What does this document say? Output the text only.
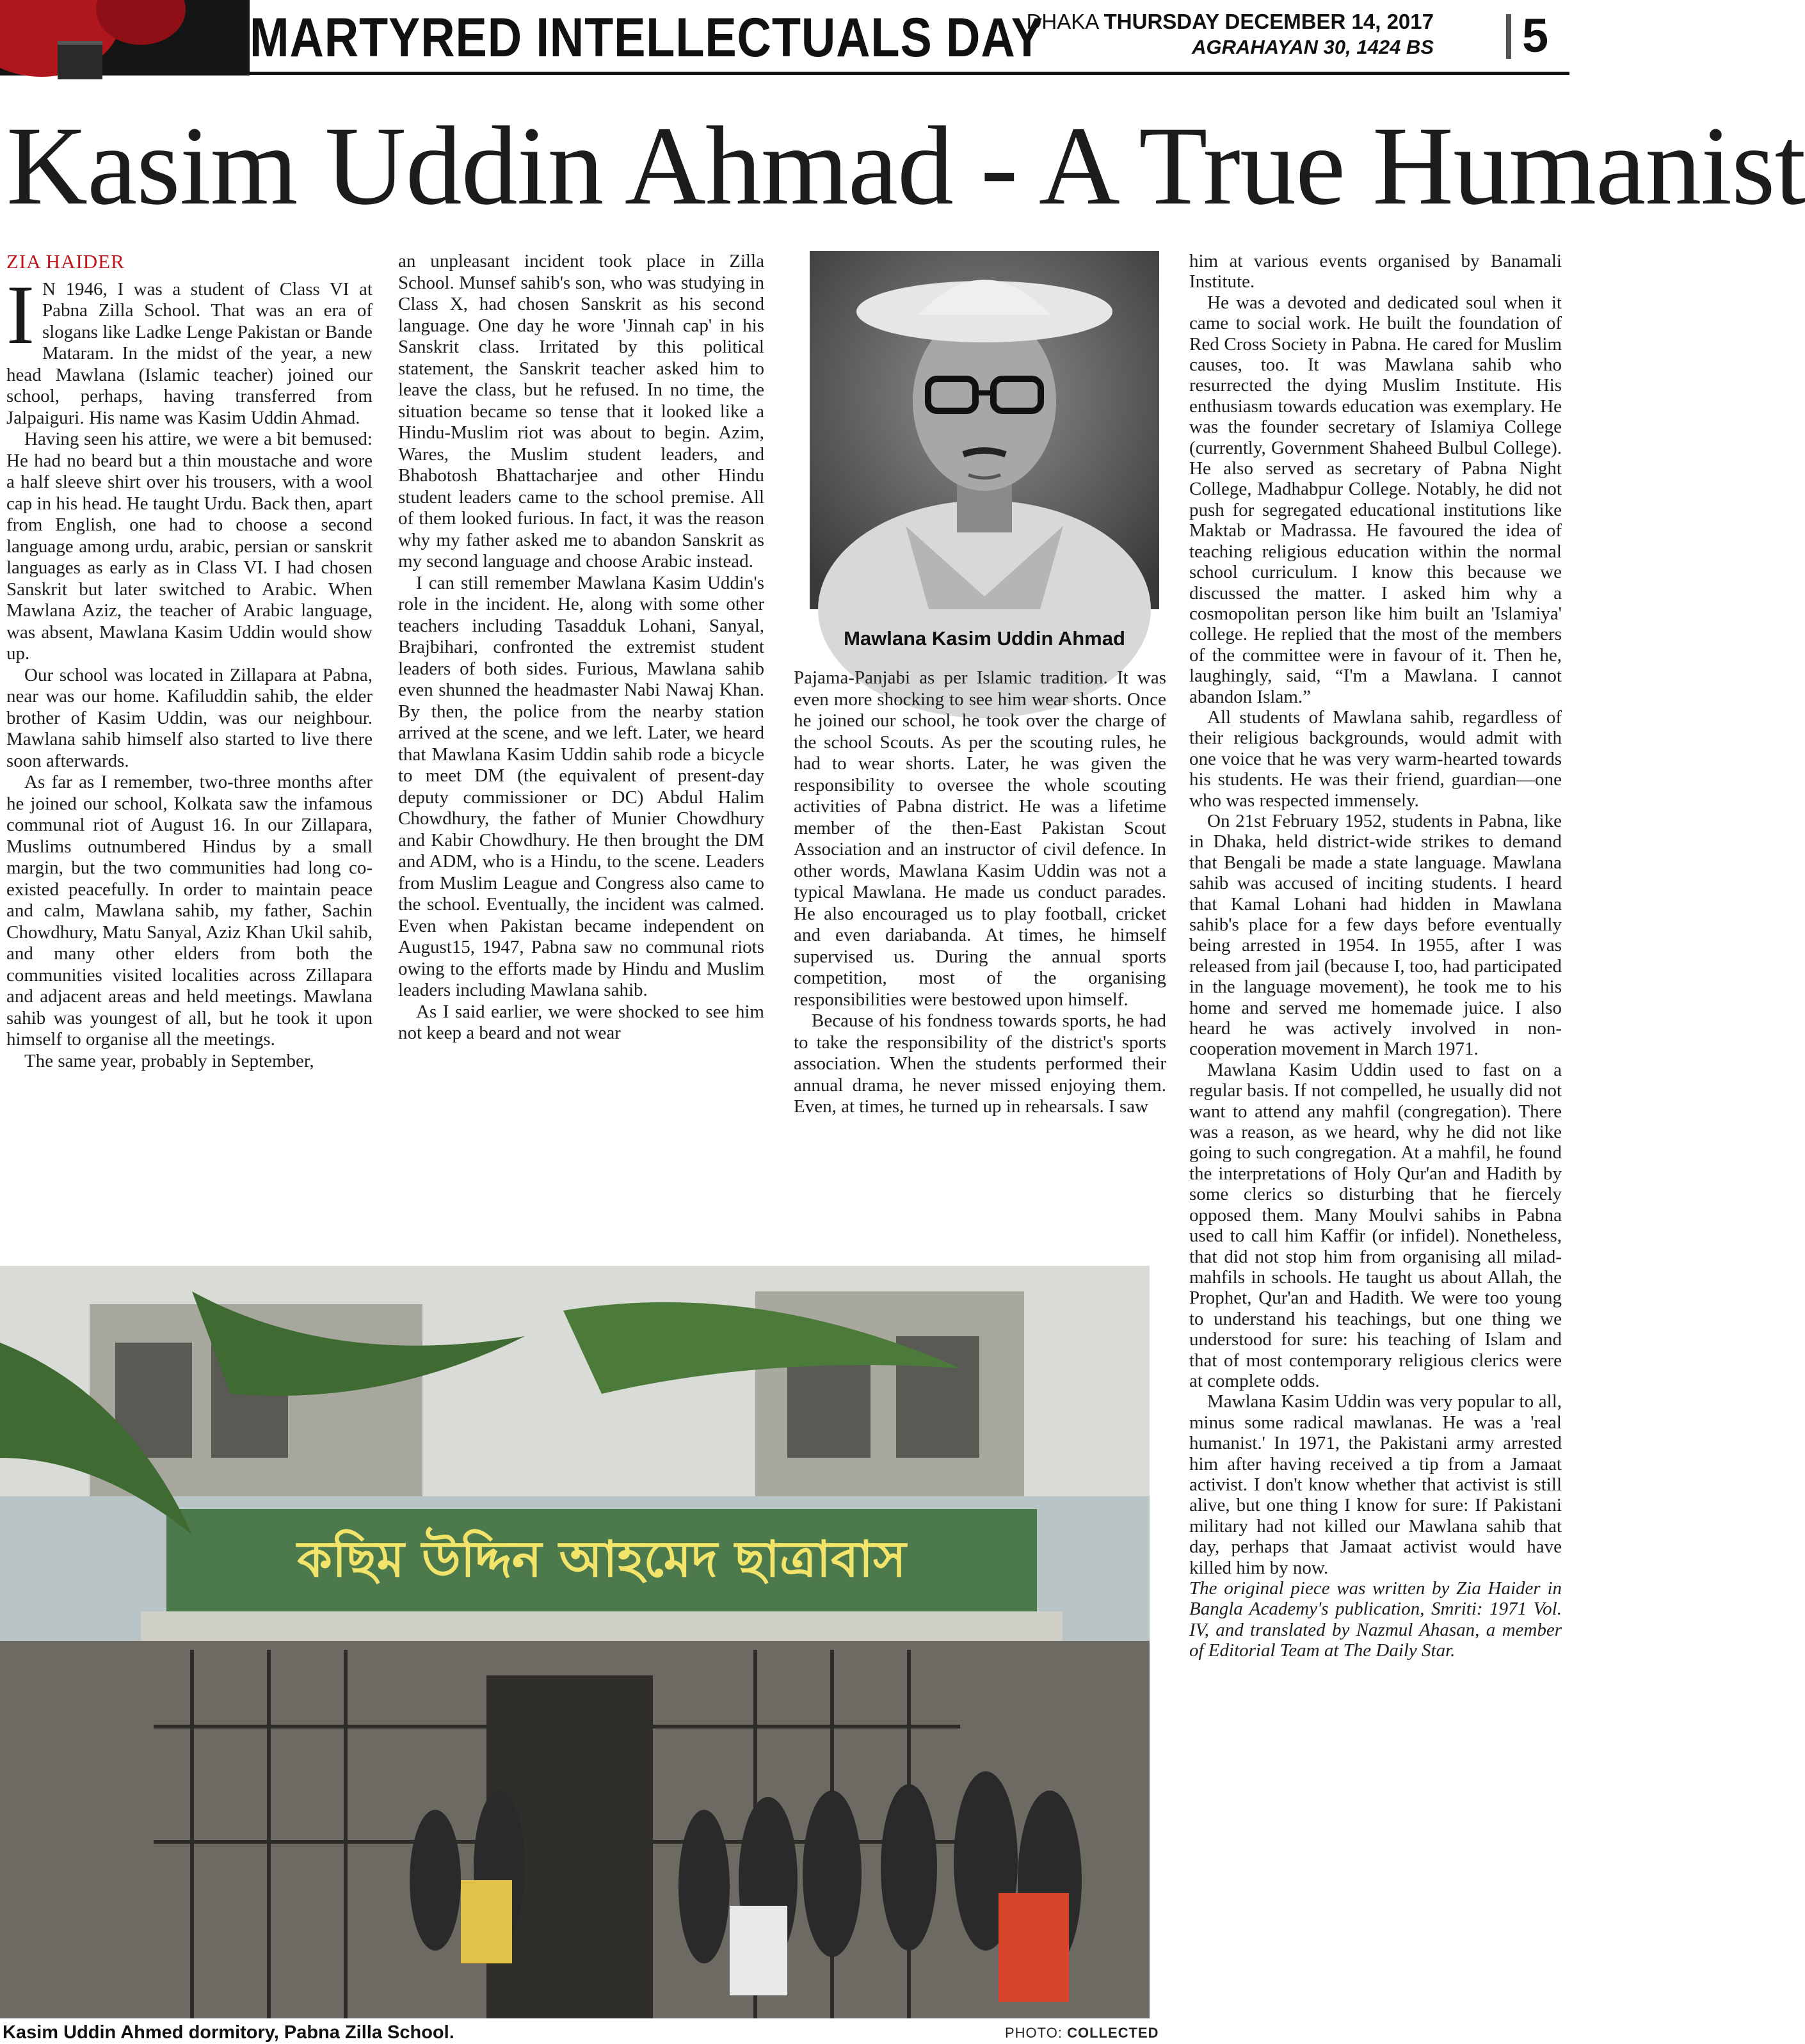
MARTYRED INTELLECTUALS DAY
DHAKA THURSDAY DECEMBER 14, 2017
AGRAHAYAN 30, 1424 BS 5
Kasim Uddin Ahmad - A True Humanist

ZIA HAIDER

I N 1946, I was a student of Class VI at Pabna Zilla School. That was an era of slogans like Ladke Lenge Pakistan or Bande Mataram. In the midst of the year, a new head Mawlana (Islamic teacher) joined our school, perhaps, having transferred from Jalpaiguri. His name was Kasim Uddin Ahmad.

Having seen his attire, we were a bit bemused: He had no beard but a thin moustache and wore a half sleeve shirt over his trousers, with a wool cap in his head. He taught Urdu. Back then, apart from English, one had to choose a second language among urdu, arabic, persian or sanskrit languages as early as in Class VI. I had chosen Sanskrit but later switched to Arabic. When Mawlana Aziz, the teacher of Arabic language, was absent, Mawlana Kasim Uddin would show up.

Our school was located in Zillapara at Pabna, near was our home. Kafiluddin sahib, the elder brother of Kasim Uddin, was our neighbour. Mawlana sahib himself also started to live there soon afterwards.

As far as I remember, two-three months after he joined our school, Kolkata saw the infamous communal riot of August 16. In our Zillapara, Muslims outnumbered Hindus by a small margin, but the two communities had long co-existed peacefully. In order to maintain peace and calm, Mawlana sahib, my father, Sachin Chowdhury, Matu Sanyal, Aziz Khan Ukil sahib, and many other elders from both the communities visited localities across Zillapara and adjacent areas and held meetings. Mawlana sahib was youngest of all, but he took it upon himself to organise all the meetings.

The same year, probably in September,

an unpleasant incident took place in Zilla School. Munsef sahib's son, who was studying in Class X, had chosen Sanskrit as his second language. One day he wore 'Jinnah cap' in his Sanskrit class. Irritated by this political statement, the Sanskrit teacher asked him to leave the class, but he refused. In no time, the situation became so tense that it looked like a Hindu-Muslim riot was about to begin. Azim, Wares, the Muslim student leaders, and Bhabotosh Bhattacharjee and other Hindu student leaders came to the school premise. All of them looked furious. In fact, it was the reason why my father asked me to abandon Sanskrit as my second language and choose Arabic instead.

I can still remember Mawlana Kasim Uddin's role in the incident. He, along with some other teachers including Tasadduk Lohani, Sanyal, Brajbihari, confronted the extremist student leaders of both sides. Furious, Mawlana sahib even shunned the headmaster Nabi Nawaj Khan. By then, the police from the nearby station arrived at the scene, and we left. Later, we heard that Mawlana Kasim Uddin sahib rode a bicycle to meet DM (the equivalent of present-day deputy commissioner or DC) Abdul Halim Chowdhury, the father of Munier Chowdhury and Kabir Chowdhury. He then brought the DM and ADM, who is a Hindu, to the scene. Leaders from Muslim League and Congress also came to the school. Eventually, the incident was calmed. Even when Pakistan became independent on August15, 1947, Pabna saw no communal riots owing to the efforts made by Hindu and Muslim leaders including Mawlana sahib.

As I said earlier, we were shocked to see him not keep a beard and not wear

Mawlana Kasim Uddin Ahmad

Pajama-Panjabi as per Islamic tradition. It was even more shocking to see him wear shorts. Once he joined our school, he took over the charge of the school Scouts. As per the scouting rules, he had to wear shorts. Later, he was given the responsibility to oversee the whole scouting activities of Pabna district. He was a lifetime member of the then-East Pakistan Scout Association and an instructor of civil defence. In other words, Mawlana Kasim Uddin was not a typical Mawlana. He made us conduct parades. He also encouraged us to play football, cricket and even dariabanda. At times, he himself supervised us. During the annual sports competition, most of the organising responsibilities were bestowed upon himself.

Because of his fondness towards sports, he had to take the responsibility of the district's sports association. When the students performed their annual drama, he never missed enjoying them. Even, at times, he turned up in rehearsals. I saw

him at various events organised by Banamali Institute.

He was a devoted and dedicated soul when it came to social work. He built the foundation of Red Cross Society in Pabna. He cared for Muslim causes, too. It was Mawlana sahib who resurrected the dying Muslim Institute. His enthusiasm towards education was exemplary. He was the founder secretary of Islamiya College (currently, Government Shaheed Bulbul College). He also served as secretary of Pabna Night College, Madhabpur College. Notably, he did not push for segregated educational institutions like Maktab or Madrassa. He favoured the idea of teaching religious education within the normal school curriculum. I know this because we discussed the matter. I asked him why a cosmopolitan person like him built an 'Islamiya' college. He replied that the most of the members of the committee were in favour of it. Then he, laughingly, said, “I'm a Mawlana. I cannot abandon Islam.”

All students of Mawlana sahib, regardless of their religious backgrounds, would admit with one voice that he was very warm-hearted towards his students. He was their friend, guardian—one who was respected immensely.

On 21st February 1952, students in Pabna, like in Dhaka, held district-wide strikes to demand that Bengali be made a state language. Mawlana sahib was accused of inciting students. I heard that Kamal Lohani had hidden in Mawlana sahib's place for a few days before eventually being arrested in 1954. In 1955, after I was released from jail (because I, too, had participated in the language movement), he took me to his home and served me homemade juice. I also heard he was actively involved in non-cooperation movement in March 1971.

Mawlana Kasim Uddin used to fast on a regular basis. If not compelled, he usually did not want to attend any mahfil (congregation). There was a reason, as we heard, why he did not like going to such congregation. At a mahfil, he found the interpretations of Holy Qur'an and Hadith by some clerics so disturbing that he fiercely opposed them. Many Moulvi sahibs in Pabna used to call him Kaffir (or infidel). Nonetheless, that did not stop him from organising all milad-mahfils in schools. He taught us about Allah, the Prophet, Qur'an and Hadith. We were too young to understand his teachings, but one thing we understood for sure: his teaching of Islam and that of most contemporary religious clerics were at complete odds.

Mawlana Kasim Uddin was very popular to all, minus some radical mawlanas. He was a 'real humanist.' In 1971, the Pakistani army arrested him after having received a tip from a Jamaat activist. I don't know whether that activist is still alive, but one thing I know for sure: If Pakistani military had not killed our Mawlana sahib that day, perhaps that Jamaat activist would have killed him by now.

The original piece was written by Zia Haider in Bangla Academy's publication, Smriti: 1971 Vol. IV, and translated by Nazmul Ahasan, a member of Editorial Team at The Daily Star.

কছিম উদ্দিন আহমেদ ছাত্রাবাস
Kasim Uddin Ahmed dormitory, Pabna Zilla School.	PHOTO: COLLECTED
